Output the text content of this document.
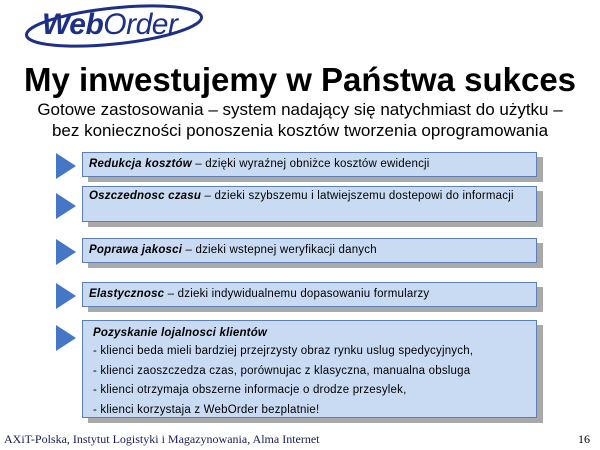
WebOrder
My inwestujemy w Państwa sukces
Gotowe zastosowania – system nadający się natychmiast do użytku –
bez konieczności ponoszenia kosztów tworzenia oprogramowania
Redukcja kosztów – dzięki wyraźnej obniżce kosztów ewidencji
Oszczednosc czasu – dzieki szybszemu i latwiejszemu dostepowi do informacji
Poprawa jakosci – dzieki wstepnej weryfikacji danych
Elastycznosc – dzieki indywidualnemu dopasowaniu formularzy
Pozyskanie lojalnosci klientów
- klienci beda mieli bardziej przejrzysty obraz rynku uslug spedycyjnych,
- klienci zaoszczedza czas, porównujac z klasyczna, manualna obsluga
- klienci otrzymaja obszerne informacje o drodze przesylek,
- klienci korzystaja z WebOrder bezplatnie!
AXiT-Polska, Instytut Logistyki i Magazynowania, Alma Internet	16
